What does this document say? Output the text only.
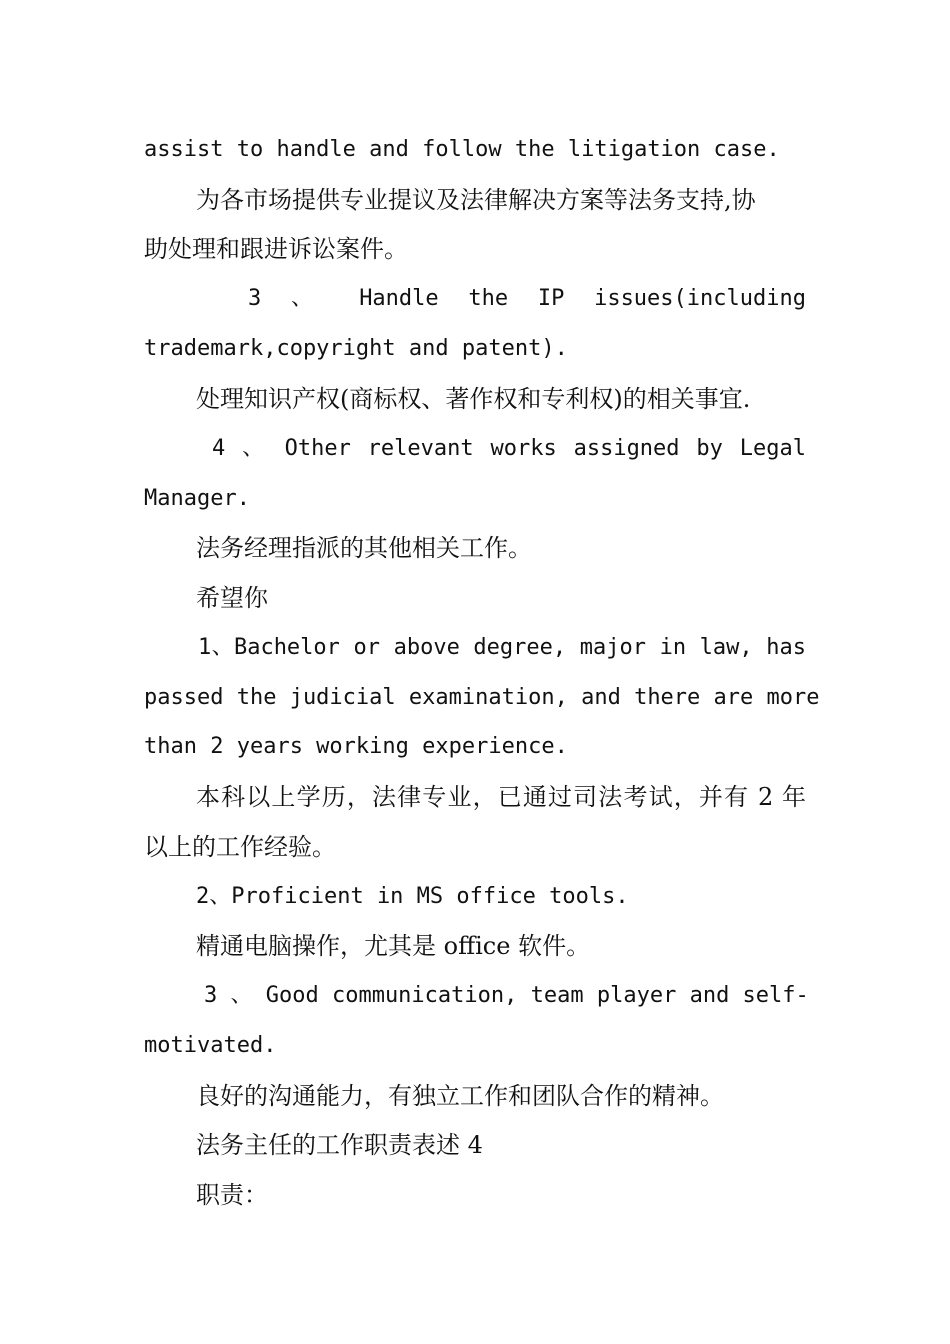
assist to handle and follow the litigation case.
为各市场提供专业提议及法律解决方案等法务支持,协
助处理和跟进诉讼案件。
3 、 Handle the IP issues(including
trademark,copyright and patent).
处理知识产权(商标权、著作权和专利权)的相关事宜.
4 、 Other relevant works assigned by Legal
Manager.
法务经理指派的其他相关工作。
希望你
1、Bachelor or above degree, major in law, has
passed the judicial examination, and there are more
than 2 years working experience.
本科以上学历，法律专业，已通过司法考试，并有 2 年
以上的工作经验。
2、Proficient in MS office tools.
精通电脑操作，尤其是 office 软件。
3 、 Good communication, team player and self-
motivated.
良好的沟通能力，有独立工作和团队合作的精神。
法务主任的工作职责表述 4
职责：
